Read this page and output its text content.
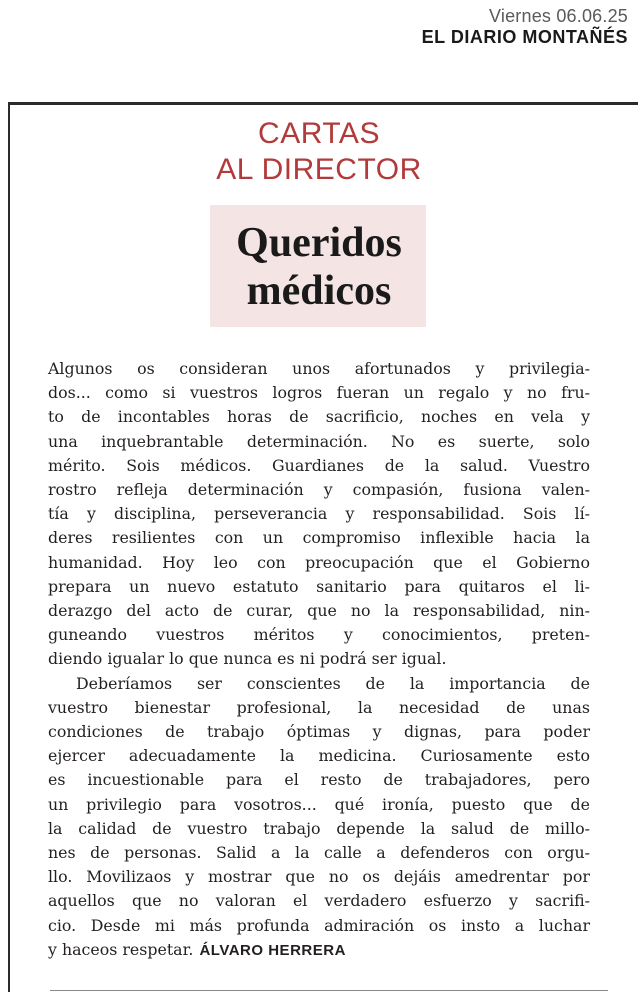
Viernes 06.06.25
EL DIARIO MONTAÑÉS
CARTAS
AL DIRECTOR
Queridos
médicos
Algunos os consideran unos afortunados y privilegia-
dos... como si vuestros logros fueran un regalo y no fru-
to de incontables horas de sacrificio, noches en vela y
una inquebrantable determinación. No es suerte, solo
mérito. Sois médicos. Guardianes de la salud. Vuestro
rostro refleja determinación y compasión, fusiona valen-
tía y disciplina, perseverancia y responsabilidad. Sois lí-
deres resilientes con un compromiso inflexible hacia la
humanidad. Hoy leo con preocupación que el Gobierno
prepara un nuevo estatuto sanitario para quitaros el li-
derazgo del acto de curar, que no la responsabilidad, nin-
guneando vuestros méritos y conocimientos, preten-
diendo igualar lo que nunca es ni podrá ser igual.
Deberíamos ser conscientes de la importancia de
vuestro bienestar profesional, la necesidad de unas
condiciones de trabajo óptimas y dignas, para poder
ejercer adecuadamente la medicina. Curiosamente esto
es incuestionable para el resto de trabajadores, pero
un privilegio para vosotros... qué ironía, puesto que de
la calidad de vuestro trabajo depende la salud de millo-
nes de personas. Salid a la calle a defenderos con orgu-
llo. Movilizaos y mostrar que no os dejáis amedrentar por
aquellos que no valoran el verdadero esfuerzo y sacrifi-
cio. Desde mi más profunda admiración os insto a luchar
y haceos respetar. ÁLVARO HERRERA
